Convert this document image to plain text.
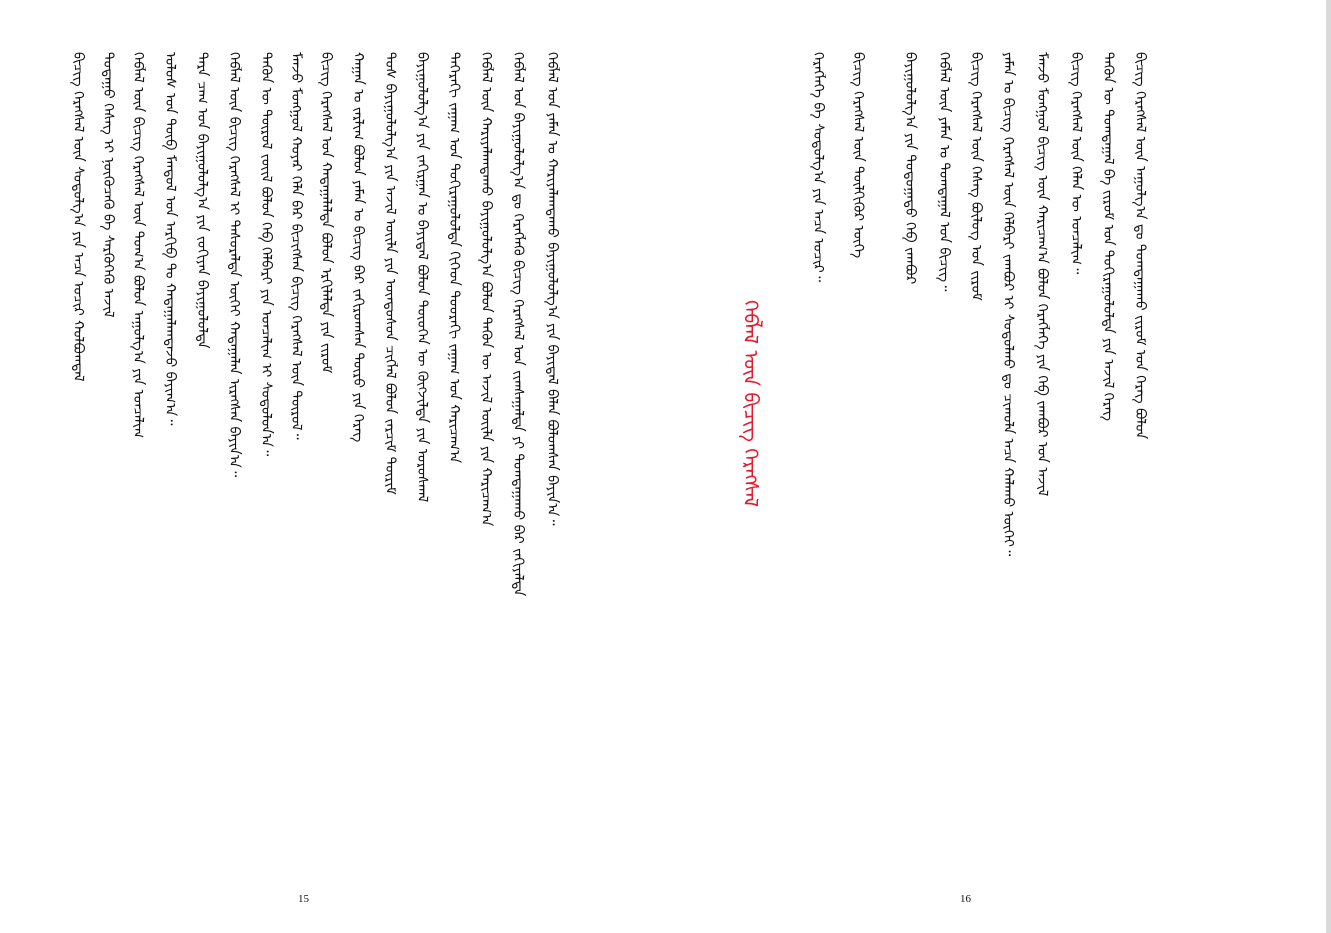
ᠪᠢᠴᠢᠭ ᠬᠡᠷᠡᠭᠰᠡᠯ ᠦᠨ ᠰᠤᠳᠤᠯᠭ᠎ᠠ ᠶᠢᠨ ᠠᠴᠠ ᠤᠴᠢᠷ ᠬᠣᠯᠪᠣᠭᠳᠠᠯ ᠳᠤᠲᠠᠭᠤ ᠬᠡᠰᠡᠭ ᠢ ᠨᠥᠭᠦᠴᠡᠬᠦ ᠪᠠ ᠰᠡᠷᠭᠦᠭᠡᠬᠦ ᠠᠵᠢᠯ ᠬᠡᠪᠯᠡᠯ ᠦᠨ ᠪᠢᠴᠢᠭ ᠬᠡᠷᠡᠭᠰᠡᠯ ᠦᠨ ᠲᠣᠭ᠎ᠠ ᠪᠣᠯᠤᠨ ᠠᠭᠤᠯᠭ᠎ᠠ ᠶᠢᠨ ᠣᠨᠴᠠᠯᠢᠭ ᠤᠯᠤᠰ ᠤᠨ ᠲᠥᠪ ᠮᠠᠨᠳᠤᠯ ᠤᠨ ᠠᠷᠬᠢᠪ ᠲᠤ ᠬᠠᠳᠠᠭᠠᠯᠠᠭᠳᠠᠵᠤ ᠪᠠᠶᠢᠭ᠎ᠠ᠃ ᠲᠡᠷᠡ ᠴᠠᠭ ᠤᠨ ᠪᠠᠶᠢᠭᠤᠯᠤᠯᠭ᠎ᠠ ᠶᠢᠨ ᠵᠣᠬᠢᠶᠠᠨ ᠪᠠᠶᠢᠭᠤᠯᠤᠯᠲᠠ ᠬᠡᠪᠯᠡᠯ ᠦᠨ ᠪᠢᠴᠢᠭ ᠬᠡᠷᠡᠭᠰᠡᠯ ᠢ ᠲᠠᠰᠤᠷᠠᠯᠲᠠ ᠦᠭᠡᠢ ᠬᠠᠳᠠᠭᠠᠯᠠᠨ ᠢᠷᠡᠭᠰᠡᠨ ᠪᠠᠶᠢᠨ᠎ᠠ᠃ ᠲᠡᠭᠦᠨ ᠦ ᠲᠥᠷᠦᠯ ᠵᠦᠢᠯ ᠪᠣᠯᠤᠨ ᠬᠡᠪ ᠬᠡᠯᠪᠡᠷᠢ ᠶᠢᠨ ᠣᠨᠴᠠᠯᠢᠭ ᠢ ᠰᠤᠳᠤᠯᠤᠨ᠎ᠠ᠃ ᠮᠠᠨᠵᠤ ᠮᠣᠩᠭᠣᠯ ᠬᠣᠶᠠᠷ ᠬᠡᠯᠡ ᠪᠡᠷ ᠪᠢᠴᠢᠭᠰᠡᠨ ᠪᠢᠴᠢᠭ ᠬᠡᠷᠡᠭᠰᠡᠯ ᠦᠨ ᠲᠥᠷᠦᠯ᠃ ᠪᠢᠴᠢᠭ ᠬᠡᠷᠡᠭᠰᠡᠯ ᠤᠨ ᠬᠠᠳᠠᠭᠠᠯᠠᠯᠲᠠ ᠪᠣᠯᠤᠨ ᠡᠷᠬᠢᠯᠡᠯᠲᠡ ᠶᠢᠨ ᠵᠢᠷᠤᠮ ᠬᠠᠭᠠᠨ ᠤ ᠵᠠᠷᠯᠢᠭ ᠪᠣᠯᠤᠨ ᠶᠠᠮᠠᠨ ᠤ ᠪᠢᠴᠢᠭ ᠪᠠᠷ ᠵᠠᠬᠢᠷᠤᠭᠰᠠᠨ ᠲᠥᠷᠦ ᠶᠢᠨ ᠬᠡᠷᠡᠭ ᠲᠤᠰ ᠪᠠᠶᠢᠭᠤᠯᠤᠯᠭ᠎ᠠ ᠶᠢᠨ ᠠᠵᠢᠯ ᠦᠢᠯᠡ ᠶᠢᠨ ᠦᠨᠳᠦᠰᠦᠨ ᠴᠢᠭᠯᠡᠯ ᠪᠣᠯᠤᠨ ᠵᠠᠷᠴᠢᠮ ᠳᠦᠷᠢᠮ ᠪᠠᠶᠢᠭᠤᠯᠤᠯᠭ᠎ᠠ ᠶᠢᠨ ᠵᠠᠬᠢᠷᠭᠠᠨ ᠤ ᠪᠠᠶᠢᠳᠠᠯ ᠪᠣᠯᠤᠨ ᠲᠦᠦᠬᠡᠨ ᠦ ᠬᠥᠭᠵᠢᠯᠲᠡ ᠶᠢᠨ ᠤᠷᠤᠰᠬᠠᠯ ᠳᠡᠭᠡᠷᠡᠬᠢ ᠵᠠᠭᠠᠭ ᠤᠨ ᠲᠣᠬᠢᠷᠠᠭᠤᠯᠤᠯᠲᠠ ᠬᠢᠭᠡᠳ ᠳᠣᠣᠷᠠᠬᠢ ᠵᠠᠭᠠᠭ ᠤᠨ ᠬᠠᠷᠢᠴᠠᠭ᠎ᠠ ᠬᠡᠪᠯᠡᠯ ᠦᠨ ᠬᠠᠷᠢᠶᠠᠯᠠᠭᠳᠠᠬᠤ ᠪᠠᠶᠢᠭᠤᠯᠤᠯᠭ᠎ᠠ ᠪᠣᠯᠤᠨ ᠲᠡᠭᠦᠨ ᠦ ᠠᠵᠢᠯ ᠦᠢᠯᠡ ᠶᠢᠨ ᠬᠠᠷᠢᠴᠠᠭ᠎ᠠ ᠬᠡᠪᠯᠡᠯ ᠤᠨ ᠪᠠᠶᠢᠭᠤᠯᠤᠯᠭ᠎ᠠ ᠳᠤ ᠬᠡᠷᠡᠭᠯᠡᠬᠦ ᠪᠢᠴᠢᠭ ᠬᠡᠷᠡᠭᠰᠡᠯ ᠤᠨ ᠵᠢᠭᠰᠠᠭᠠᠯᠲᠠ ᠶᠢ ᠲᠣᠭᠲᠠᠭᠠᠬᠤ ᠪᠠᠷ ᠵᠠᠬᠢᠶᠠᠯᠳᠠ ᠬᠡᠪᠯᠡᠯ ᠤᠨ ᠶᠠᠮᠠᠨ ᠤ ᠬᠠᠷᠢᠶᠠᠯᠠᠭᠳᠠᠬᠤ ᠪᠠᠶᠢᠭᠤᠯᠤᠯᠭ᠎ᠠ ᠶᠢᠨ ᠪᠠᠶᠢᠳᠠᠯ ᠪᠡᠯᠡᠨ ᠪᠣᠯᠤᠭᠰᠠᠨ ᠪᠠᠶᠢᠨ᠎ᠠ᠃
15
ᠬᠡᠷᠡᠭᠯᠡᠭᠡ ᠪᠠ ᠰᠤᠳᠤᠯᠭ᠎ᠠ ᠶᠢᠨ ᠠᠴᠠ ᠤᠴᠢᠷ᠃ ᠪᠢᠴᠢᠭ ᠬᠡᠷᠡᠭᠰᠡᠯ ᠦᠨ ᠲᠦᠯᠬᠢᠭᠦᠷ ᠦᠭᠡ
ᠬᠡᠪᠯᠡᠯ ᠦᠨ ᠪᠢᠴᠢᠭ ᠬᠡᠷᠡᠭᠰᠡᠯ
ᠪᠠᠶᠢᠭᠤᠯᠤᠯᠭ᠎ᠠ ᠶᠢᠨ ᠳᠣᠲᠣᠭᠠᠳᠤ ᠬᠡᠪ ᠵᠠᠭᠪᠤᠷ ᠬᠡᠪᠯᠡᠯ ᠦᠨ ᠶᠠᠮᠠᠨ ᠤ ᠲᠣᠭᠲᠠᠭᠠᠯ ᠤᠨ ᠪᠢᠴᠢᠭ᠃ ᠪᠢᠴᠢᠭ ᠬᠡᠷᠡᠭᠰᠡᠯ ᠦᠨ ᠬᠡᠰᠡᠭ ᠪᠦᠯᠦᠭ ᠤᠨ ᠵᠢᠷᠤᠮ ᠶᠠᠮᠠᠨ ᠤ ᠪᠢᠴᠢᠭ ᠬᠡᠷᠡᠭᠰᠡᠯ ᠦᠨ ᠬᠡᠯᠪᠡᠷᠢ ᠵᠠᠭᠪᠤᠷ ᠢ ᠰᠤᠳᠤᠯᠬᠤ ᠳᠤ ᠴᠢᠬᠤᠯᠠ ᠠᠴᠠ ᠬᠠᠯᠠᠬᠤ ᠦᠭᠡᠢ᠃ ᠮᠠᠨᠵᠤ ᠮᠣᠩᠭᠣᠯ ᠪᠢᠴᠢᠭ ᠦᠨ ᠬᠠᠷᠢᠴᠠᠭ᠎ᠠ ᠪᠣᠯᠤᠨ ᠬᠡᠷᠡᠭᠯᠡᠭᠡ ᠶᠢᠨ ᠬᠡᠪ ᠵᠠᠭᠪᠤᠷ ᠤᠨ ᠠᠵᠢᠯ ᠪᠢᠴᠢᠭ ᠬᠡᠷᠡᠭᠰᠡᠯ ᠦᠨ ᠬᠡᠯᠡᠨ ᠦ ᠣᠨᠴᠠᠯᠢᠭ᠃ ᠲᠡᠭᠦᠨ ᠦ ᠲᠣᠭᠲᠠᠭᠠᠯ ᠪᠠ ᠵᠢᠷᠤᠮ ᠤᠨ ᠲᠣᠬᠢᠷᠠᠭᠤᠯᠤᠯᠲᠠ ᠶᠢᠨ ᠠᠵᠢᠯ ᠬᠡᠷᠡᠭ ᠪᠢᠴᠢᠭ ᠬᠡᠷᠡᠭᠰᠡᠯ ᠦᠨ ᠠᠭᠤᠯᠭ᠎ᠠ ᠳᠤ ᠲᠣᠭᠲᠠᠭᠠᠬᠤ ᠵᠢᠷᠤᠮ ᠤᠨ ᠬᠡᠷᠡᠭ ᠪᠣᠯᠤᠨ
16
